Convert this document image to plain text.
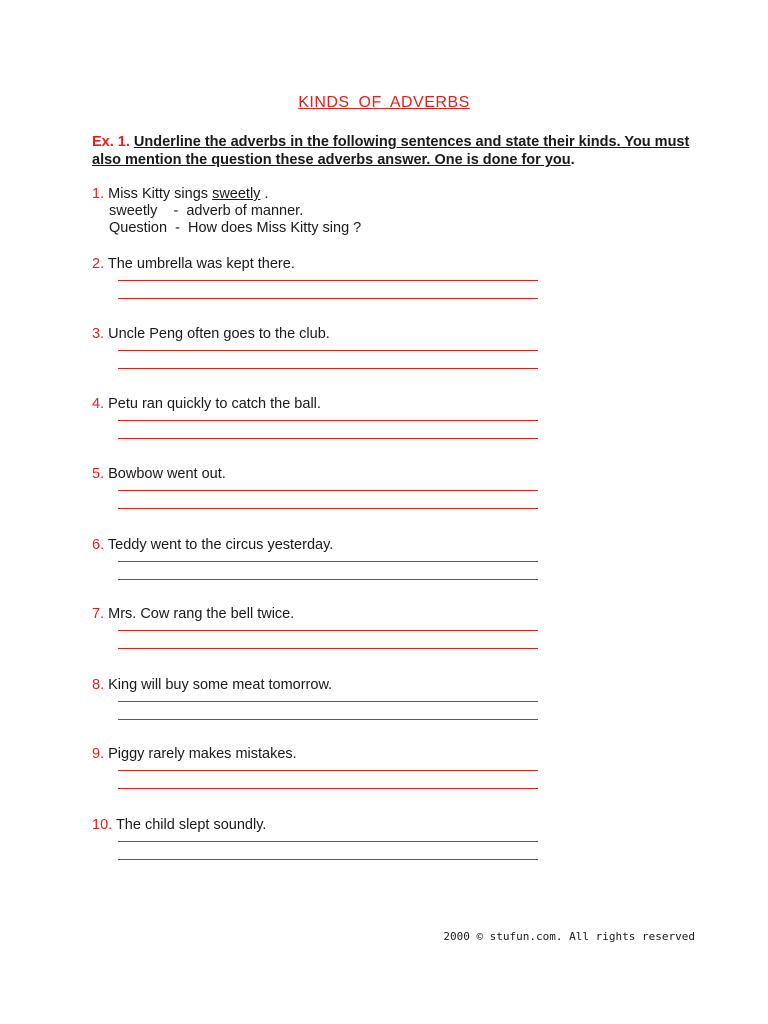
KINDS OF ADVERBS

Ex. 1. Underline the adverbs in the following sentences and state their kinds. You must also mention the question these adverbs answer. One is done for you.

1. Miss Kitty sings sweetly .
sweetly    -  adverb of manner.
Question  -  How does Miss Kitty sing ?
2. The umbrella was kept there.
3. Uncle Peng often goes to the club.
4. Petu ran quickly to catch the ball.
5. Bowbow went out.
6. Teddy went to the circus yesterday.
7. Mrs. Cow rang the bell twice.
8. King will buy some meat tomorrow.
9. Piggy rarely makes mistakes.
10. The child slept soundly.
2000 © stufun.com. All rights reserved
